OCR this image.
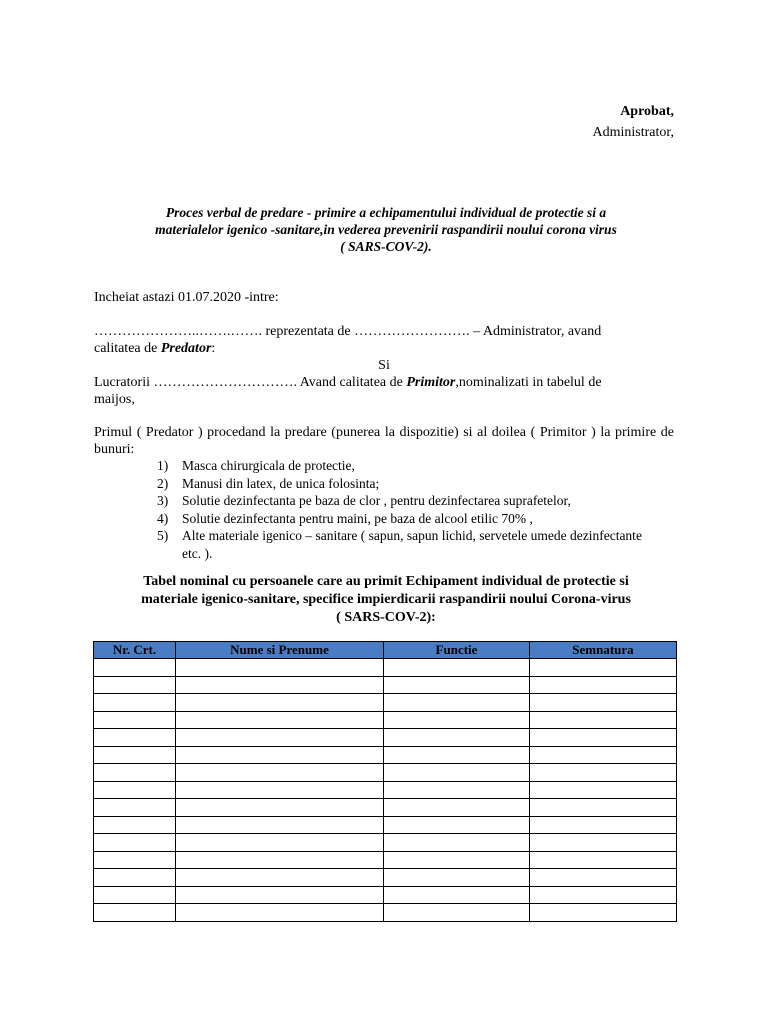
Aprobat,
Administrator,
Proces verbal de predare - primire a echipamentului individual de protectie si a
materialelor igenico -sanitare,in vederea prevenirii raspandirii noului corona virus
( SARS-COV-2).
Incheiat astazi 01.07.2020 -intre:
…………………..…….……. reprezentata de ……………………. – Administrator, avand
calitatea de Predator:
Si
Lucratorii …………………………. Avand calitatea de Primitor,nominalizati in tabelul de
maijos,
Primul ( Predator ) procedand la predare (punerea la dispozitie) si al doilea ( Primitor ) la primire de bunuri:
1) Masca chirurgicala de protectie,
2) Manusi din latex, de unica folosinta;
3) Solutie dezinfectanta pe baza de clor , pentru dezinfectarea suprafetelor,
4) Solutie dezinfectanta pentru maini, pe baza de alcool etilic 70% ,
5) Alte materiale igenico – sanitare ( sapun, sapun lichid, servetele umede dezinfectante etc. ).
Tabel nominal cu persoanele care au primit Echipament individual de protectie si
materiale igenico-sanitare, specifice impierdicarii raspandirii noului Corona-virus
( SARS-COV-2):
Nr. Crt.	Nume si Prenume	Functie	Semnatura
